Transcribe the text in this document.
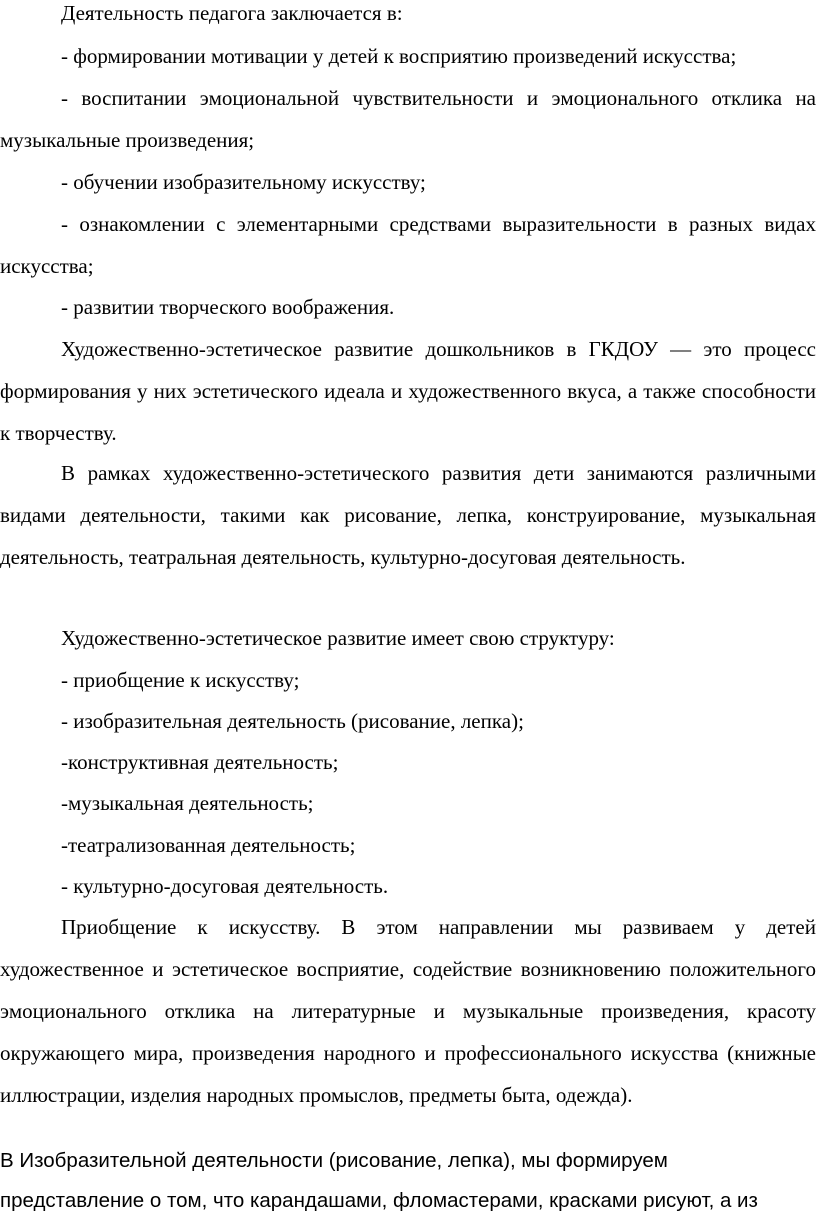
Деятельность педагога заключается в:

- формировании мотивации у детей к восприятию произведений искусства;

- воспитании эмоциональной чувствительности и эмоционального отклика на музыкальные произведения;

- обучении изобразительному искусству;

- ознакомлении с элементарными средствами выразительности в разных видах искусства;

- развитии творческого воображения.

Художественно-эстетическое развитие дошкольников в ГКДОУ — это процесс формирования у них эстетического идеала и художественного вкуса, а также способности к творчеству.

В рамках художественно-эстетического развития дети занимаются различными видами деятельности, такими как рисование, лепка, конструирование, музыкальная деятельность, театральная деятельность, культурно-досуговая деятельность.

Художественно-эстетическое развитие имеет свою структуру:

- приобщение к искусству;

- изобразительная деятельность (рисование, лепка);

-конструктивная деятельность;

-музыкальная деятельность;

-театрализованная деятельность;

- культурно-досуговая деятельность.

Приобщение к искусству. В этом направлении мы развиваем у детей художественное и эстетическое восприятие, содействие возникновению положительного эмоционального отклика на литературные и музыкальные произведения, красоту окружающего мира, произведения народного и профессионального искусства (книжные иллюстрации, изделия народных промыслов, предметы быта, одежда).

В Изобразительной деятельности (рисование, лепка), мы формируем представление о том, что карандашами, фломастерами, красками рисуют, а из
